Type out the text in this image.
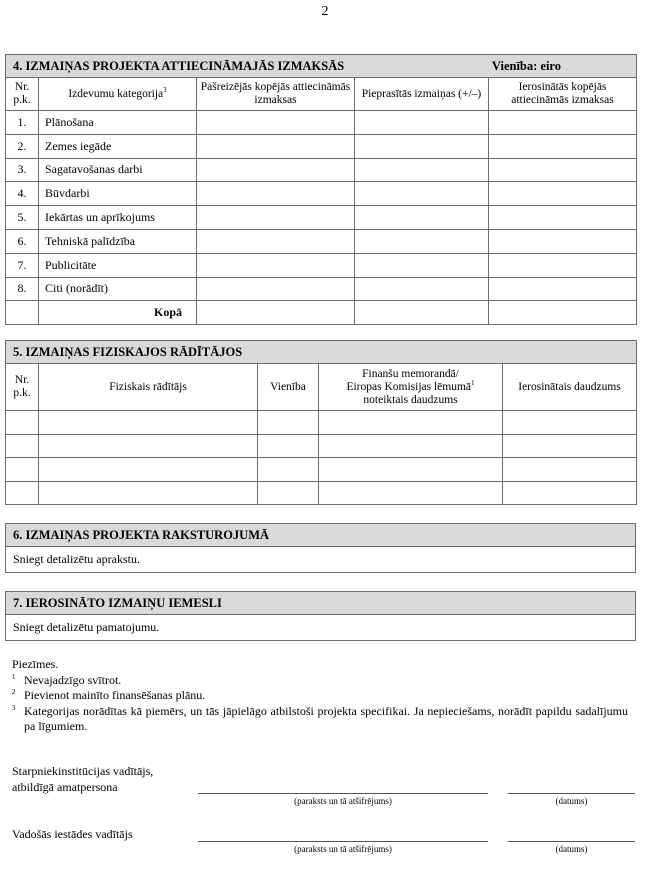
2
4. IZMAIŅAS PROJEKTA ATTIECINĀMAJĀS IZMAKSĀS Vienība: eiro				

Nr. p.k.	Izdevumu kategorija$^3$	Pašreizējās kopējās attiecināmās izmaksas	Pieprasītās izmaiņas (+/–)	Ierosinātās kopējās attiecināmās izmaksas
1.	Plānošana			
2.	Zemes iegāde			
3.	Sagatavošanas darbi			
4.	Būvdarbi			
5.	Iekārtas un aprīkojums			
6.	Tehniskā palīdzība			
7.	Publicitāte			
8.	Citi (norādīt)			
	Kopā			
5. IZMAIŅAS FIZISKAJOS RĀDĪTĀJOS				
Nr. p.k.	Fiziskais rādītājs	Vienība	Finanšu memorandā/
Eiropas Komisijas lēmumā$^1$
noteiktais daudzums	Ierosinātais daudzums

6. IZMAIŅAS PROJEKTA RAKSTUROJUMĀ
Sniegt detalizētu aprakstu.
7. IEROSINĀTO IZMAIŅU IEMESLI
Sniegt detalizētu pamatojumu.
Piezīmes.
1 Nevajadzīgo svītrot.
2 Pievienot mainīto finansēšanas plānu.
3 Kategorijas norādītas kā piemērs, un tās jāpielāgo atbilstoši projekta specifikai. Ja nepieciešams, norādīt papildu sadalījumu pa līgumiem.
Starpniekinstitūcijas vadītājs,
atbildīgā amatpersona
(paraksts un tā atšifrējums)	(datums)
Vadošās iestādes vadītājs
(paraksts un tā atšifrējums)	(datums)
